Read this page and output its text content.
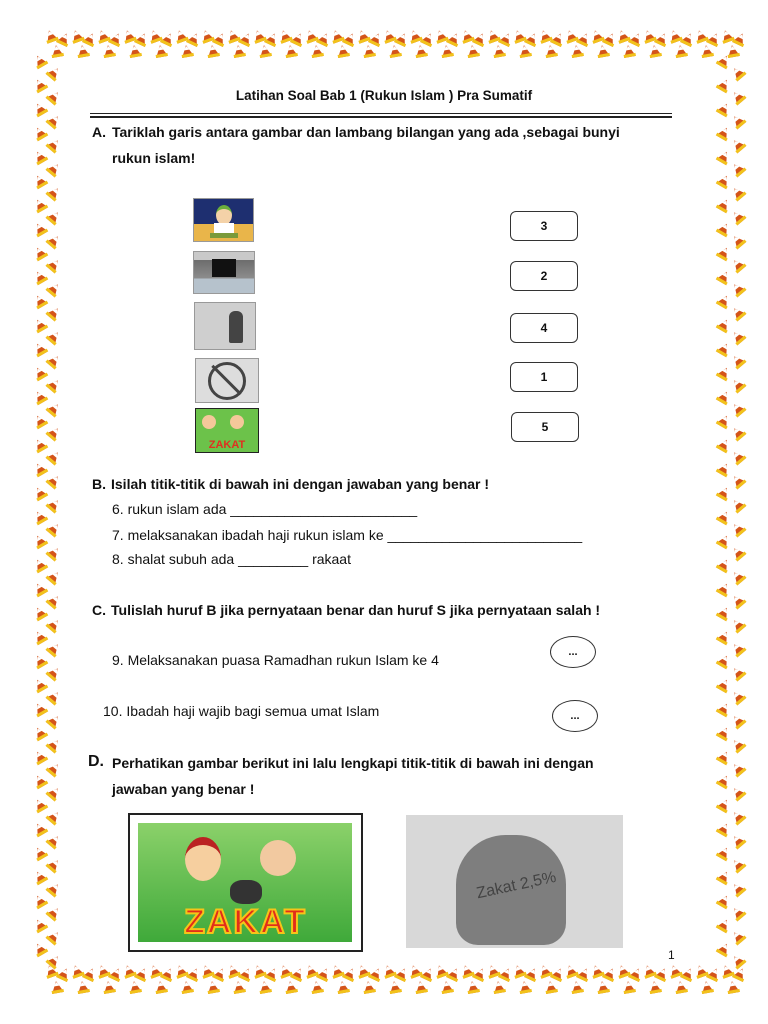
Latihan Soal Bab 1 (Rukun Islam ) Pra Sumatif
A. Tariklah garis antara gambar dan lambang bilangan yang ada ,sebagai bunyi
rukun islam!
ZAKAT
3
2
4
1
5
B. Isilah titik-titik di bawah ini dengan jawaban yang benar !
6. rukun islam ada ________________________
7. melaksanakan ibadah haji rukun islam ke _________________________
8. shalat subuh ada _________ rakaat
C. Tulislah huruf B jika pernyataan benar dan huruf S jika pernyataan salah !
9. Melaksanakan puasa Ramadhan rukun Islam ke 4	...
10. Ibadah haji wajib bagi semua umat Islam	...
D. Perhatikan gambar berikut ini lalu lengkapi titik-titik di bawah ini dengan
jawaban yang benar !
ZAKAT
Zakat 2,5%
1
